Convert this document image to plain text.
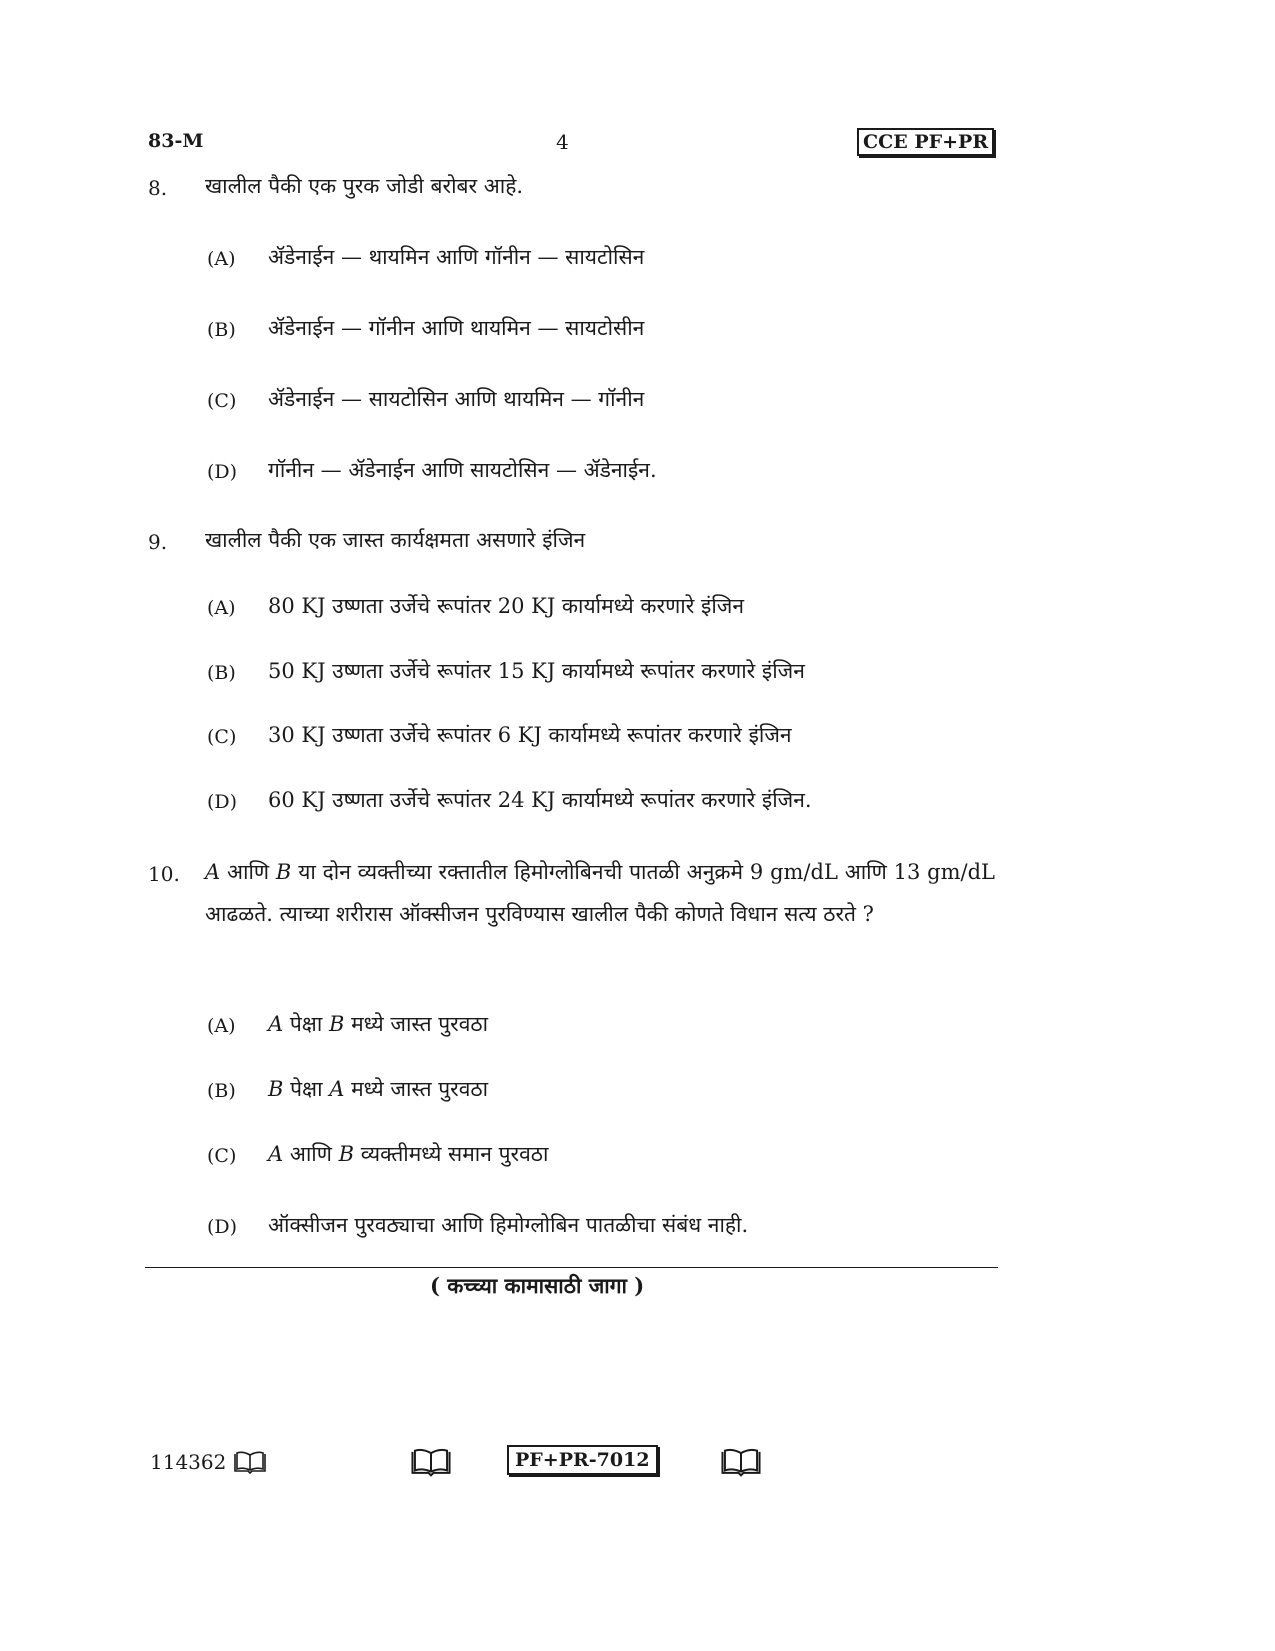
83-M	4	CCE PF+PR
8. खालील पैकी एक पुरक जोडी बरोबर आहे.
(A) ॲडेनाईन — थायमिन आणि गॉनीन — सायटोसिन
(B) ॲडेनाईन — गॉनीन आणि थायमिन — सायटोसीन
(C) ॲडेनाईन — सायटोसिन आणि थायमिन — गॉनीन
(D) गॉनीन — ॲडेनाईन आणि सायटोसिन — ॲडेनाईन.
9. खालील पैकी एक जास्त कार्यक्षमता असणारे इंजिन
(A) 80 KJ उष्णता उर्जेचे रूपांतर 20 KJ कार्यामध्ये करणारे इंजिन
(B) 50 KJ उष्णता उर्जेचे रूपांतर 15 KJ कार्यामध्ये रूपांतर करणारे इंजिन
(C) 30 KJ उष्णता उर्जेचे रूपांतर 6 KJ कार्यामध्ये रूपांतर करणारे इंजिन
(D) 60 KJ उष्णता उर्जेचे रूपांतर 24 KJ कार्यामध्ये रूपांतर करणारे इंजिन.
10. A आणि B या दोन व्यक्तीच्या रक्तातील हिमोग्लोबिनची पातळी अनुक्रमे 9 gm/dL आणि 13 gm/dL आढळते. त्याच्या शरीरास ऑक्सीजन पुरविण्यास खालील पैकी कोणते विधान सत्य ठरते ?
(A) A पेक्षा B मध्ये जास्त पुरवठा
(B) B पेक्षा A मध्ये जास्त पुरवठा
(C) A आणि B व्यक्तीमध्ये समान पुरवठा
(D) ऑक्सीजन पुरवठ्याचा आणि हिमोग्लोबिन पातळीचा संबंध नाही.
( कच्च्या कामासाठी जागा )
114362	PF+PR-7012
